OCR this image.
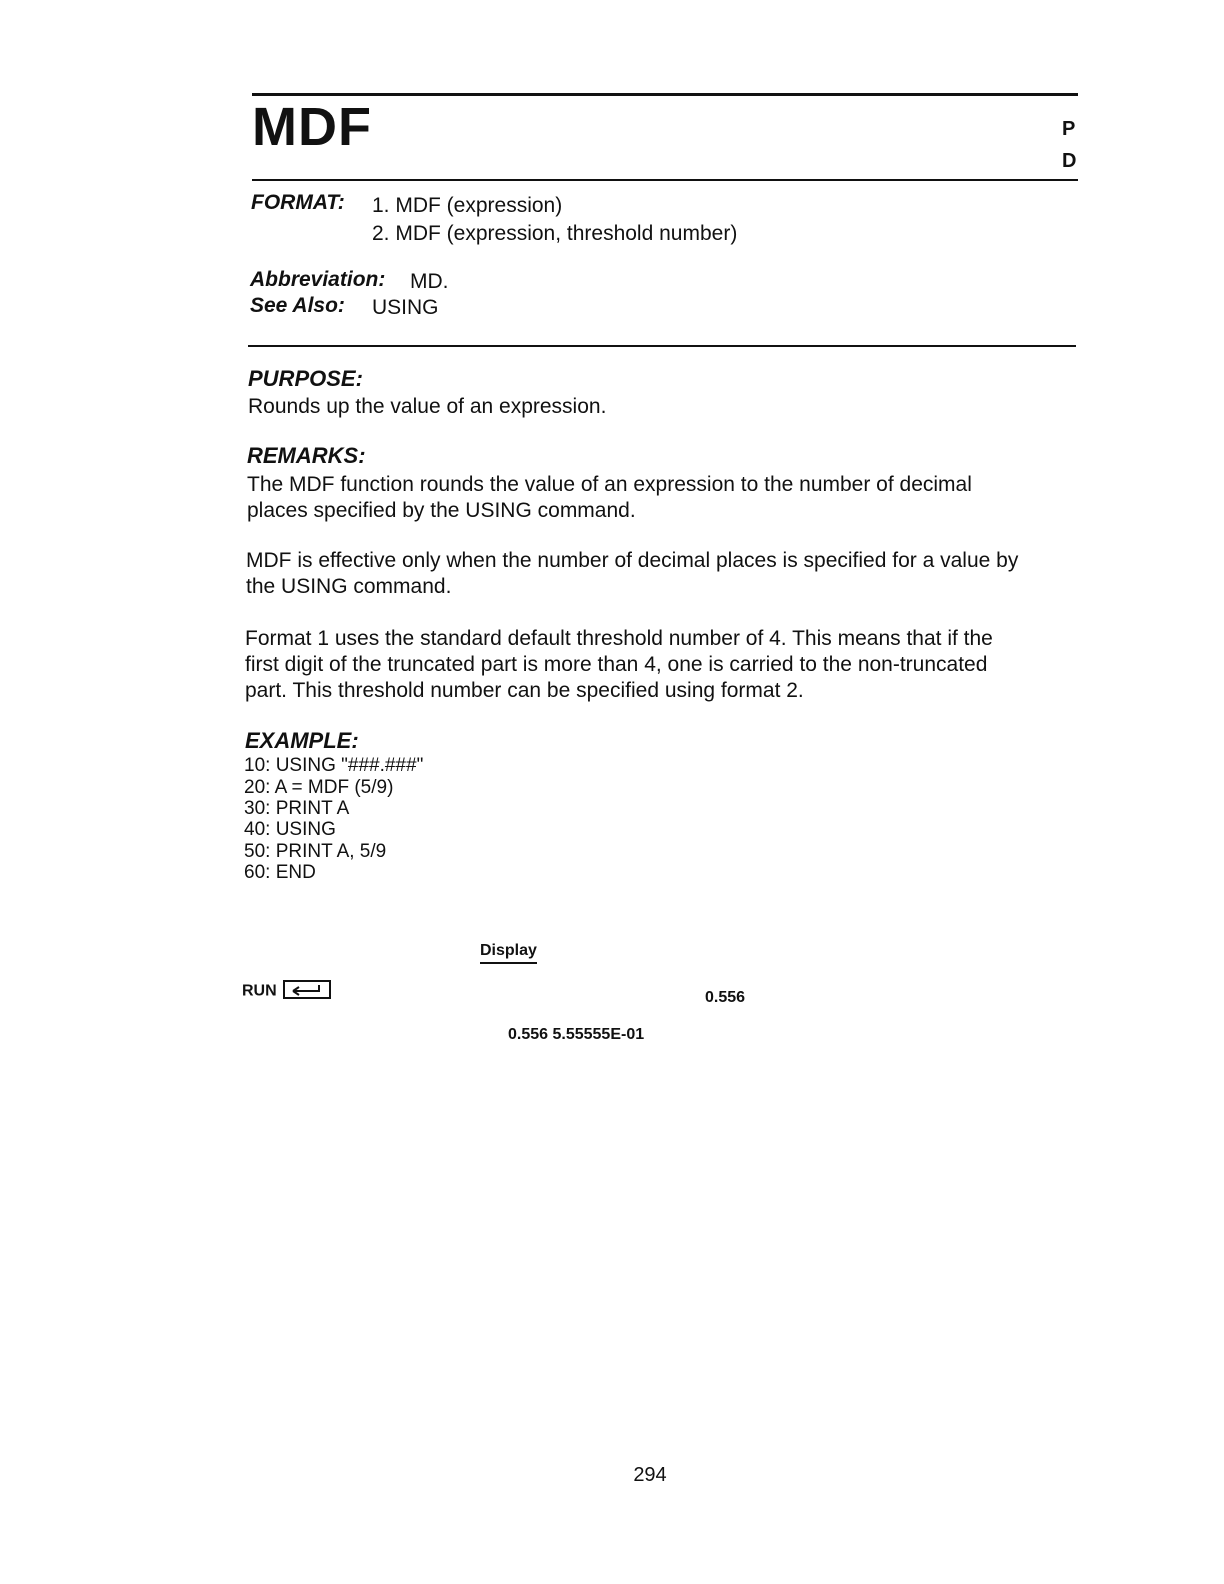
MDF	P
D
FORMAT: 1. MDF (expression)
2. MDF (expression, threshold number)
Abbreviation: MD.
See Also: USING
PURPOSE:
Rounds up the value of an expression.
REMARKS:
The MDF function rounds the value of an expression to the number of decimal
places specified by the USING command.
MDF is effective only when the number of decimal places is specified for a value by
the USING command.
Format 1 uses the standard default threshold number of 4. This means that if the
first digit of the truncated part is more than 4, one is carried to the non-truncated
part. This threshold number can be specified using format 2.
EXAMPLE:
10: USING "###.###"
20: A = MDF (5/9)
30: PRINT A
40: USING
50: PRINT A, 5/9
60: END
Display
RUN	0.556
0.556 5.55555E-01
294
